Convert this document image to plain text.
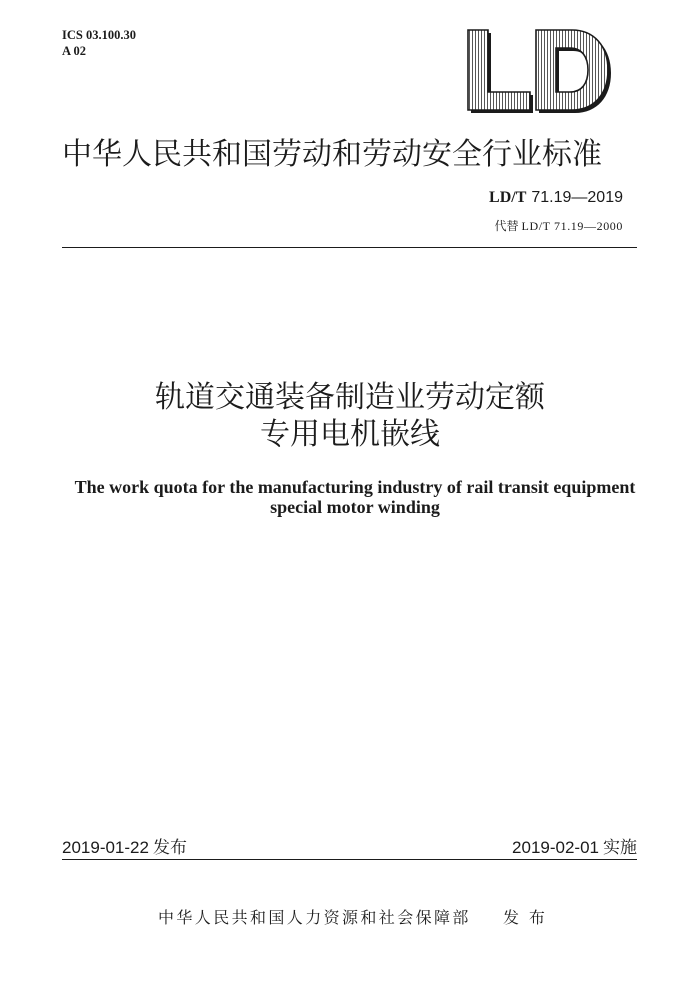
ICS 03.100.30
A 02
中华人民共和国劳动和劳动安全行业标准
LD/T 71.19—2019
代替 LD/T 71.19—2000
轨道交通装备制造业劳动定额
专用电机嵌线
The work quota for the manufacturing industry of rail transit equipment
special motor winding
2019-01-22 发布	2019-02-01 实施
中华人民共和国人力资源和社会保障部 发 布
